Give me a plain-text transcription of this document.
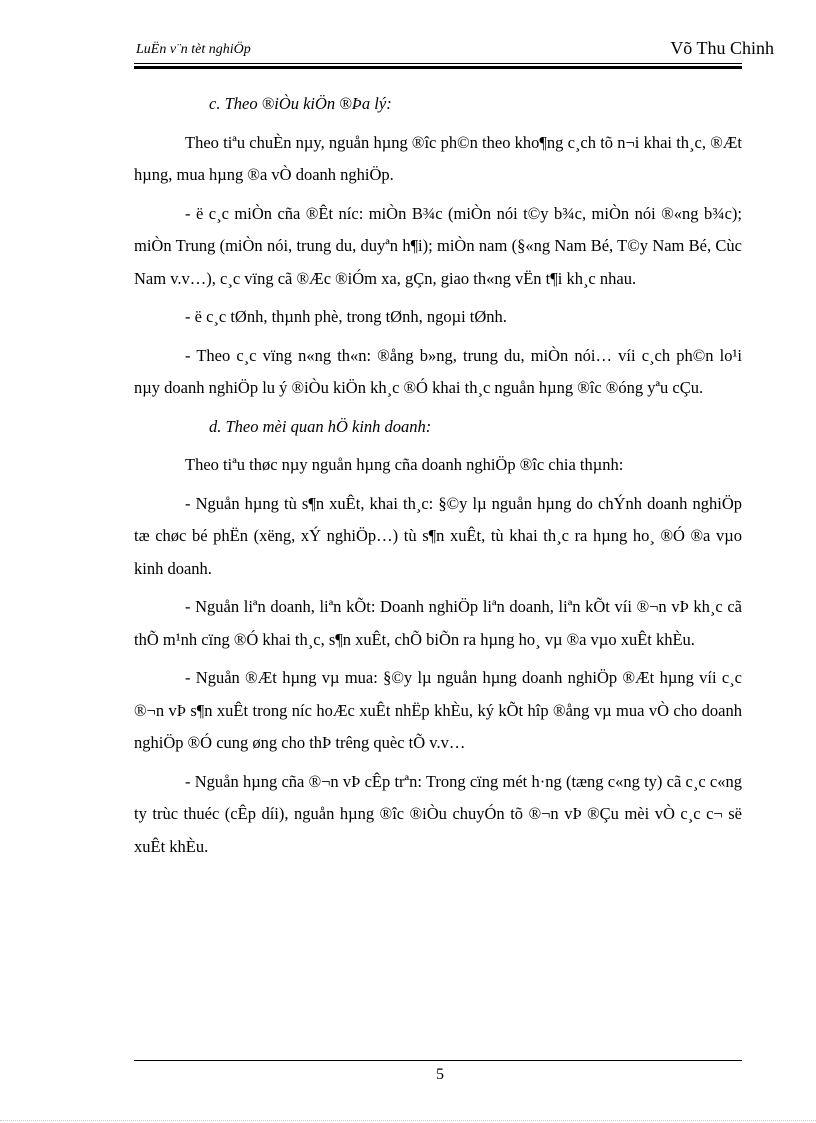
LuËn v¨n tèt nghiÖp	Võ Thu Chinh

c. Theo ®iÒu kiÖn ®Þa lý:

Theo tiªu chuÈn nµy, nguån hµng ®îc ph©n theo kho¶ng c¸ch tõ n¬i khai th¸c, ®Æt hµng, mua hµng ®a vÒ doanh nghiÖp.

- ë c¸c miÒn cña ®Êt níc: miÒn B¾c (miÒn nói t©y b¾c, miÒn nói ®«ng b¾c); miÒn Trung (miÒn nói, trung du, duyªn h¶i); miÒn nam (§«ng Nam Bé, T©y Nam Bé, Cùc Nam v.v…), c¸c vïng cã ®Æc ®iÓm xa, gÇn, giao th«ng vËn t¶i kh¸c nhau.

- ë c¸c tØnh, thµnh phè, trong tØnh, ngoµi tØnh.

- Theo c¸c vïng n«ng th«n: ®ång b»ng, trung du, miÒn nói… víi c¸ch ph©n lo¹i nµy doanh nghiÖp lu ý ®iÒu kiÖn kh¸c ®Ó khai th¸c nguån hµng ®îc ®óng yªu cÇu.

d. Theo mèi quan hÖ kinh doanh:

Theo tiªu thøc nµy nguån hµng cña doanh nghiÖp ®îc chia thµnh:

- Nguån hµng tù s¶n xuÊt, khai th¸c: §©y lµ nguån hµng do chÝnh doanh nghiÖp tæ chøc bé phËn (xëng, xÝ nghiÖp…) tù s¶n xuÊt, tù khai th¸c ra hµng ho¸ ®Ó ®a vµo kinh doanh.

- Nguån liªn doanh, liªn kÕt: Doanh nghiÖp liªn doanh, liªn kÕt víi ®¬n vÞ kh¸c cã thÕ m¹nh cïng ®Ó khai th¸c, s¶n xuÊt, chÕ biÕn ra hµng ho¸ vµ ®a vµo xuÊt khÈu.

- Nguån ®Æt hµng vµ mua: §©y lµ nguån hµng doanh nghiÖp ®Æt hµng víi c¸c ®¬n vÞ s¶n xuÊt trong níc hoÆc xuÊt nhËp khÈu, ký kÕt hîp ®ång vµ mua vÒ cho doanh nghiÖp ®Ó cung øng cho thÞ trêng quèc tÕ v.v…

- Nguån hµng cña ®¬n vÞ cÊp trªn: Trong cïng mét h·ng (tæng c«ng ty) cã c¸c c«ng ty trùc thuéc (cÊp díi), nguån hµng ®îc ®iÒu chuyÓn tõ ®¬n vÞ ®Çu mèi vÒ c¸c c¬ së xuÊt khÈu.

5
